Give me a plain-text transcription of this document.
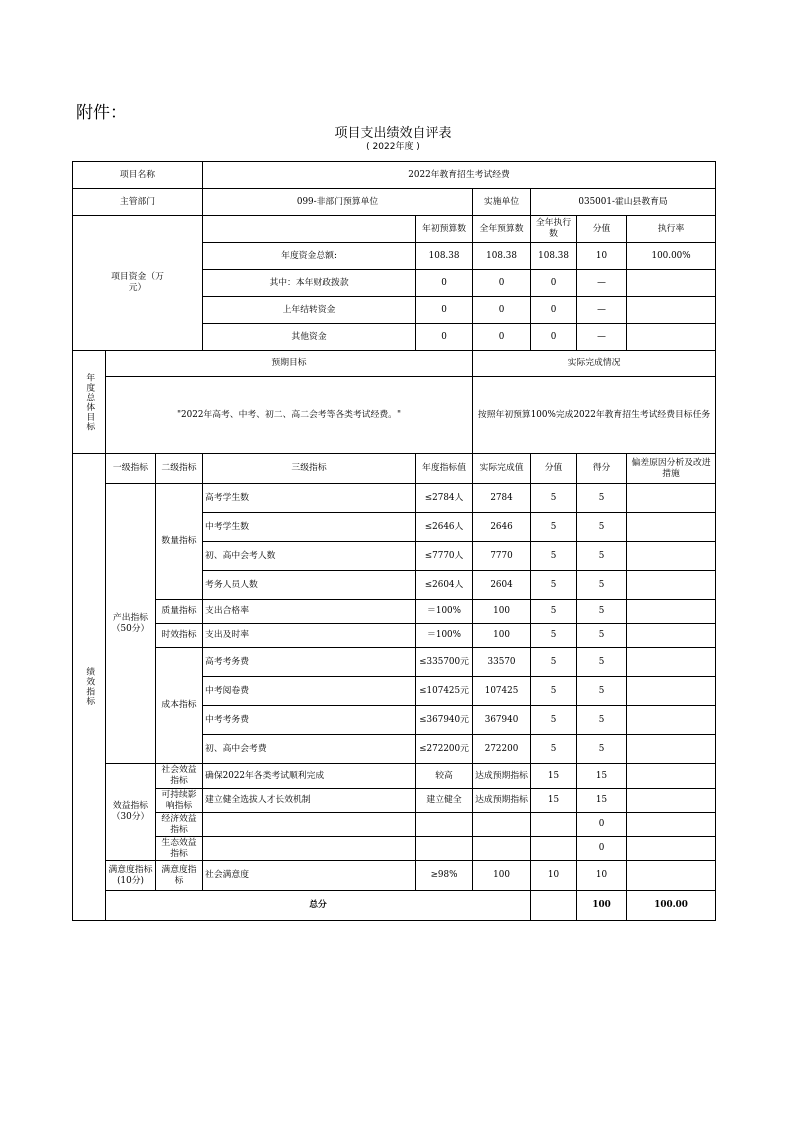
附件：
项目支出绩效自评表
( 2022年度 )
项目名称			2022年教育招生考试经费						
主管部门			099-非部门预算单位		实施单位	035001-霍山县教育局			

项目资金（万元）				年初预算数	全年预算数	全年执行数	分值	执行率	
			年度资金总额:	108.38	108.38	108.38	10	100.00%	
			其中：本年财政拨款	0	0	0	—		
			上年结转资金	0	0	0	—		
			其他资金	0	0	0	—		

年度总体目标	预期目标				实际完成情况				
	"2022年高考、中考、初二、高二会考等各类考试经费。"				按照年初预算100%完成2022年教育招生考试经费目标任务				

绩效指标	一级指标	二级指标	三级指标	年度指标值	实际完成值	分值	得分	偏差原因分析及改进措施	
	产出指标（50分）	数量指标	高考学生数	≤2784人	2784	5	5		
			中考学生数	≤2646人	2646	5	5		
			初、高中会考人数	≤7770人	7770	5	5		
			考务人员人数	≤2604人	2604	5	5		
		质量指标	支出合格率	＝100%	100	5	5		
		时效指标	支出及时率	＝100%	100	5	5		
		成本指标	高考考务费	≤335700元	33570	5	5		
			中考阅卷费	≤107425元	107425	5	5		
			中考考务费	≤367940元	367940	5	5		
			初、高中会考费	≤272200元	272200	5	5		
	效益指标（30分）	社会效益指标	确保2022年各类考试顺利完成	较高	达成预期指标	15	15		
		可持续影响指标	建立健全选拔人才长效机制	建立健全	达成预期指标	15	15		
		经济效益指标					0		
		生态效益指标					0		
	满意度指标(10分)	满意度指标	社会满意度	≥98%	100	10	10		
	总分						100	100.00	
